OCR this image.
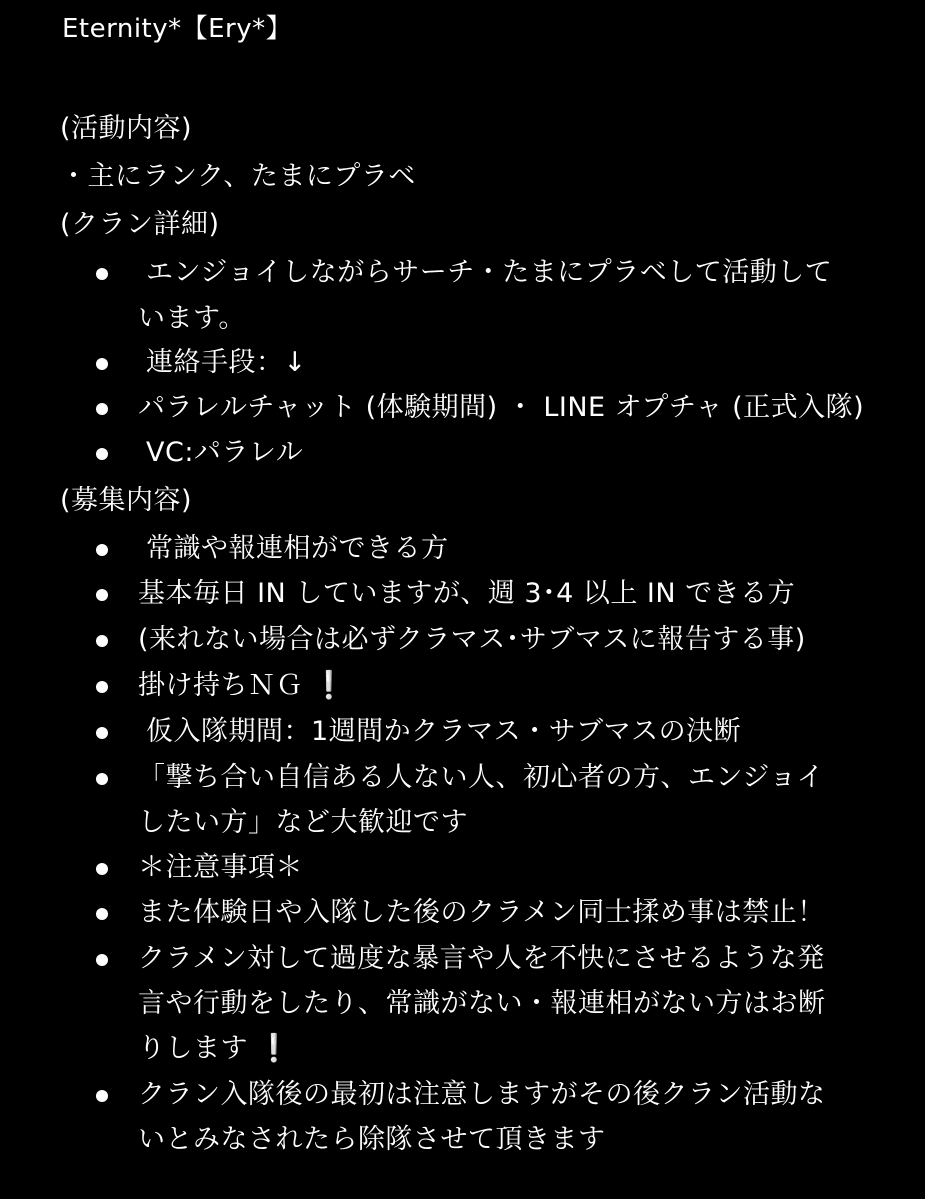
Eternity*【Ery*】
(活動内容)
・主にランク、たまにプラベ
(クラン詳細)
エンジョイしながらサーチ・たまにプラベして活動して
います。
連絡手段：↓
パラレルチャット (体験期間) ・ LINE オプチャ (正式入隊)
VC:パラレル
(募集内容)
常識や報連相ができる方
基本毎日 IN していますが、週 3･4 以上 IN できる方
(来れない場合は必ずクラマス･サブマスに報告する事)
掛け持ちＮＧ ❕
仮入隊期間：1週間かクラマス・サブマスの決断
「撃ち合い自信ある人ない人、初心者の方、エンジョイ
したい方」など大歓迎です
＊注意事項＊
また体験日や入隊した後のクラメン同士揉め事は禁止！
クラメン対して過度な暴言や人を不快にさせるような発
言や行動をしたり、常識がない・報連相がない方はお断
りします ❕
クラン入隊後の最初は注意しますがその後クラン活動な
いとみなされたら除隊させて頂きます
